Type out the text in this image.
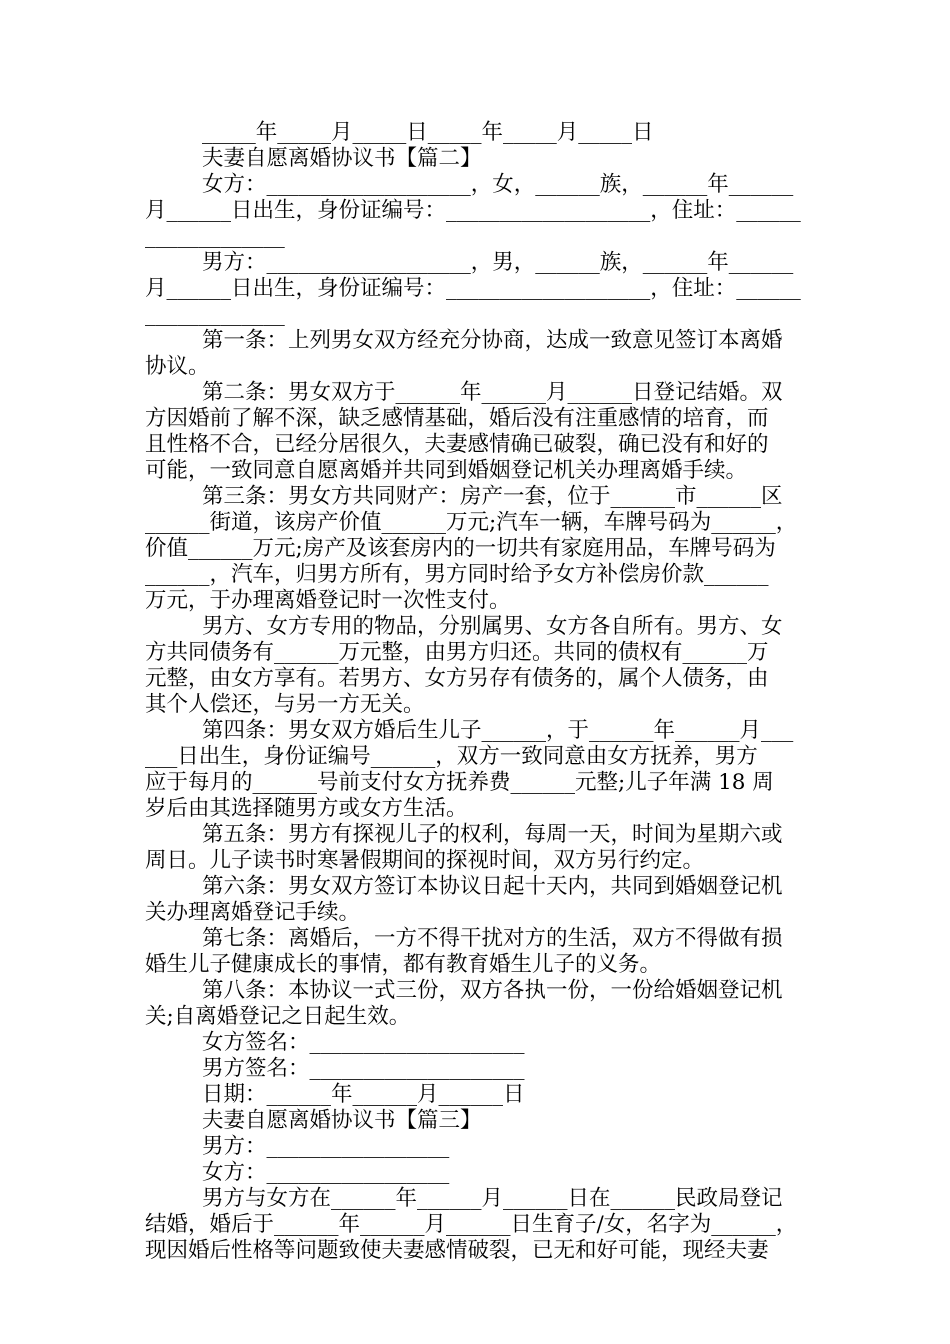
_____年_____月_____日_____年_____月_____日
夫妻自愿离婚协议书【篇二】
女方：___________________，女，______族，______年______
月______日出生，身份证编号：___________________，住址：______
_____________
男方：___________________，男，______族，______年______
月______日出生，身份证编号：___________________，住址：______
_____________
第一条：上列男女双方经充分协商，达成一致意见签订本离婚
协议。
第二条：男女双方于______年______月______日登记结婚。双
方因婚前了解不深，缺乏感情基础，婚后没有注重感情的培育，而
且性格不合，已经分居很久，夫妻感情确已破裂，确已没有和好的
可能，一致同意自愿离婚并共同到婚姻登记机关办理离婚手续。
第三条：男女方共同财产：房产一套，位于______市______区
______街道，该房产价值______万元;汽车一辆，车牌号码为______，
价值______万元;房产及该套房内的一切共有家庭用品，车牌号码为
______，汽车，归男方所有，男方同时给予女方补偿房价款______
万元，于办理离婚登记时一次性支付。
男方、女方专用的物品，分别属男、女方各自所有。男方、女
方共同债务有______万元整，由男方归还。共同的债权有______万
元整，由女方享有。若男方、女方另存有债务的，属个人债务，由
其个人偿还，与另一方无关。
第四条：男女双方婚后生儿子______，于______年______月___
___日出生，身份证编号______，双方一致同意由女方抚养，男方
应于每月的______号前支付女方抚养费______元整;儿子年满 18 周
岁后由其选择随男方或女方生活。
第五条：男方有探视儿子的权利，每周一天，时间为星期六或
周日。儿子读书时寒暑假期间的探视时间，双方另行约定。
第六条：男女双方签订本协议日起十天内，共同到婚姻登记机
关办理离婚登记手续。
第七条：离婚后，一方不得干扰对方的生活，双方不得做有损
婚生儿子健康成长的事情，都有教育婚生儿子的义务。
第八条：本协议一式三份，双方各执一份，一份给婚姻登记机
关;自离婚登记之日起生效。
女方签名：____________________
男方签名：____________________
日期：______年______月______日
夫妻自愿离婚协议书【篇三】
男方：_________________
女方：_________________
男方与女方在______年______月______日在______民政局登记
结婚，婚后于______年______月______日生育子/女，名字为______，
现因婚后性格等问题致使夫妻感情破裂，已无和好可能，现经夫妻
